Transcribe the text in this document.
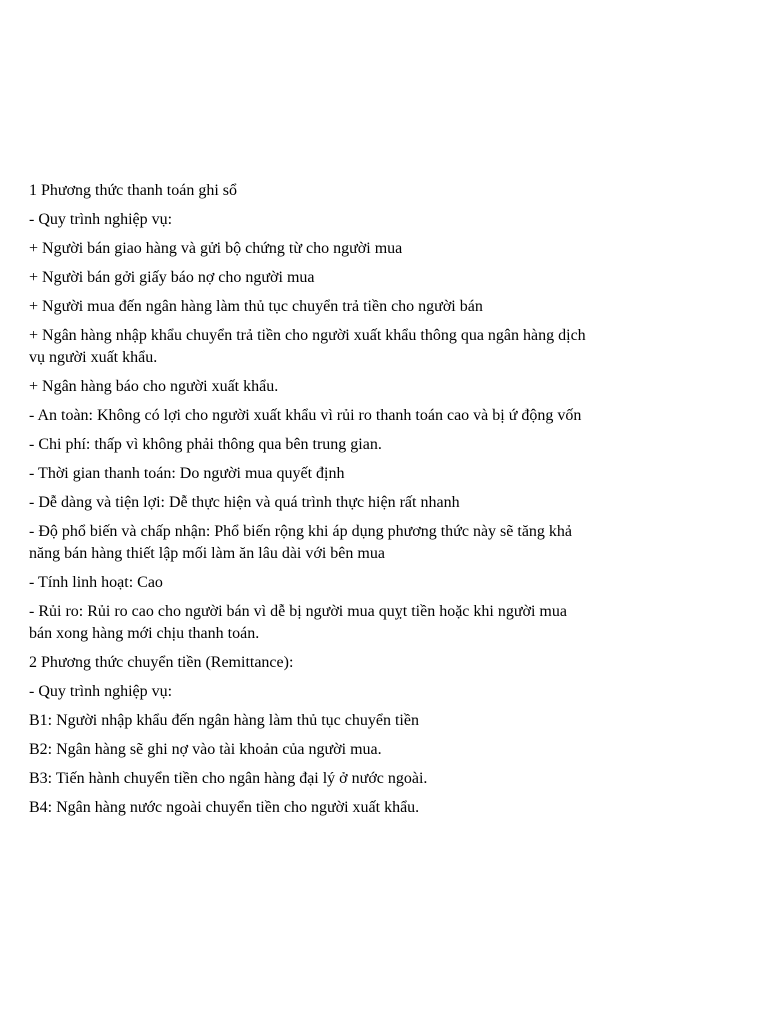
1 Phương thức thanh toán ghi sổ

- Quy trình nghiệp vụ:

+ Người bán giao hàng và gửi bộ chứng từ cho người mua

+ Người bán gởi giấy báo nợ cho người mua

+ Người mua đến ngân hàng làm thủ tục chuyển trả tiền cho người bán

+ Ngân hàng nhập khẩu chuyển trả tiền cho người xuất khẩu thông qua ngân hàng dịch vụ người xuất khẩu.

+ Ngân hàng báo cho người xuất khẩu.

- An toàn: Không có lợi cho người xuất khẩu vì rủi ro thanh toán cao và bị ứ động vốn

- Chi phí: thấp vì không phải thông qua bên trung gian.

- Thời gian thanh toán: Do người mua quyết định

- Dễ dàng và tiện lợi: Dễ thực hiện và quá trình thực hiện rất nhanh

- Độ phổ biến và chấp nhận: Phổ biến rộng khi áp dụng phương thức này sẽ tăng khả năng bán hàng thiết lập mối làm ăn lâu dài với bên mua

- Tính linh hoạt: Cao

- Rủi ro: Rủi ro cao cho người bán vì dễ bị người mua quỵt tiền hoặc khi người mua bán xong hàng mới chịu thanh toán.

2 Phương thức chuyển tiền (Remittance):

- Quy trình nghiệp vụ:

B1: Người nhập khẩu đến ngân hàng làm thủ tục chuyển tiền

B2: Ngân hàng sẽ ghi nợ vào tài khoản của người mua.

B3: Tiến hành chuyển tiền cho ngân hàng đại lý ở nước ngoài.

B4: Ngân hàng nước ngoài chuyển tiền cho người xuất khẩu.
